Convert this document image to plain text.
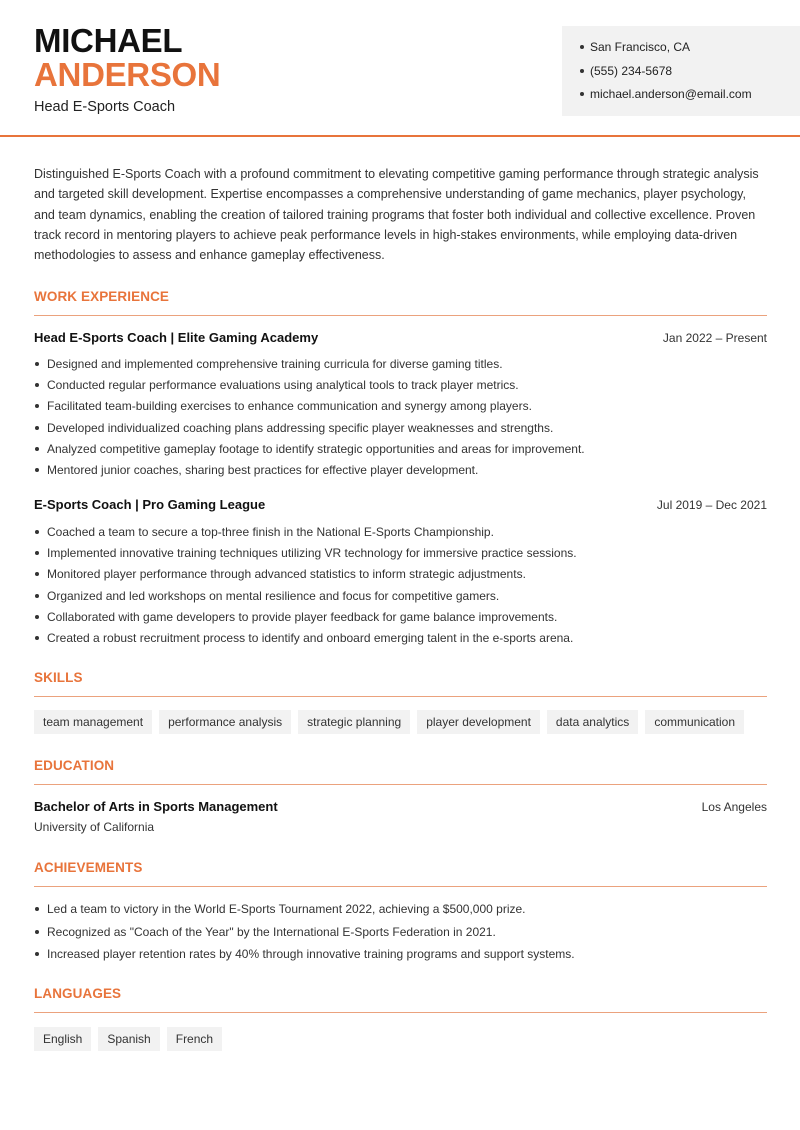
MICHAEL
ANDERSON
Head E-Sports Coach
San Francisco, CA
(555) 234-5678
michael.anderson@email.com

Distinguished E-Sports Coach with a profound commitment to elevating competitive gaming performance through strategic analysis and targeted skill development. Expertise encompasses a comprehensive understanding of game mechanics, player psychology, and team dynamics, enabling the creation of tailored training programs that foster both individual and collective excellence. Proven track record in mentoring players to achieve peak performance levels in high-stakes environments, while employing data-driven methodologies to assess and enhance gameplay effectiveness.

WORK EXPERIENCE
Head E-Sports Coach | Elite Gaming Academy	Jan 2022 – Present
Designed and implemented comprehensive training curricula for diverse gaming titles.
Conducted regular performance evaluations using analytical tools to track player metrics.
Facilitated team-building exercises to enhance communication and synergy among players.
Developed individualized coaching plans addressing specific player weaknesses and strengths.
Analyzed competitive gameplay footage to identify strategic opportunities and areas for improvement.
Mentored junior coaches, sharing best practices for effective player development.
E-Sports Coach | Pro Gaming League	Jul 2019 – Dec 2021
Coached a team to secure a top-three finish in the National E-Sports Championship.
Implemented innovative training techniques utilizing VR technology for immersive practice sessions.
Monitored player performance through advanced statistics to inform strategic adjustments.
Organized and led workshops on mental resilience and focus for competitive gamers.
Collaborated with game developers to provide player feedback for game balance improvements.
Created a robust recruitment process to identify and onboard emerging talent in the e-sports arena.
SKILLS
team management	performance analysis	strategic planning	player development	data analytics	communication
EDUCATION
Bachelor of Arts in Sports Management	Los Angeles
University of California
ACHIEVEMENTS
Led a team to victory in the World E-Sports Tournament 2022, achieving a $500,000 prize.
Recognized as "Coach of the Year" by the International E-Sports Federation in 2021.
Increased player retention rates by 40% through innovative training programs and support systems.
LANGUAGES
English	Spanish	French
